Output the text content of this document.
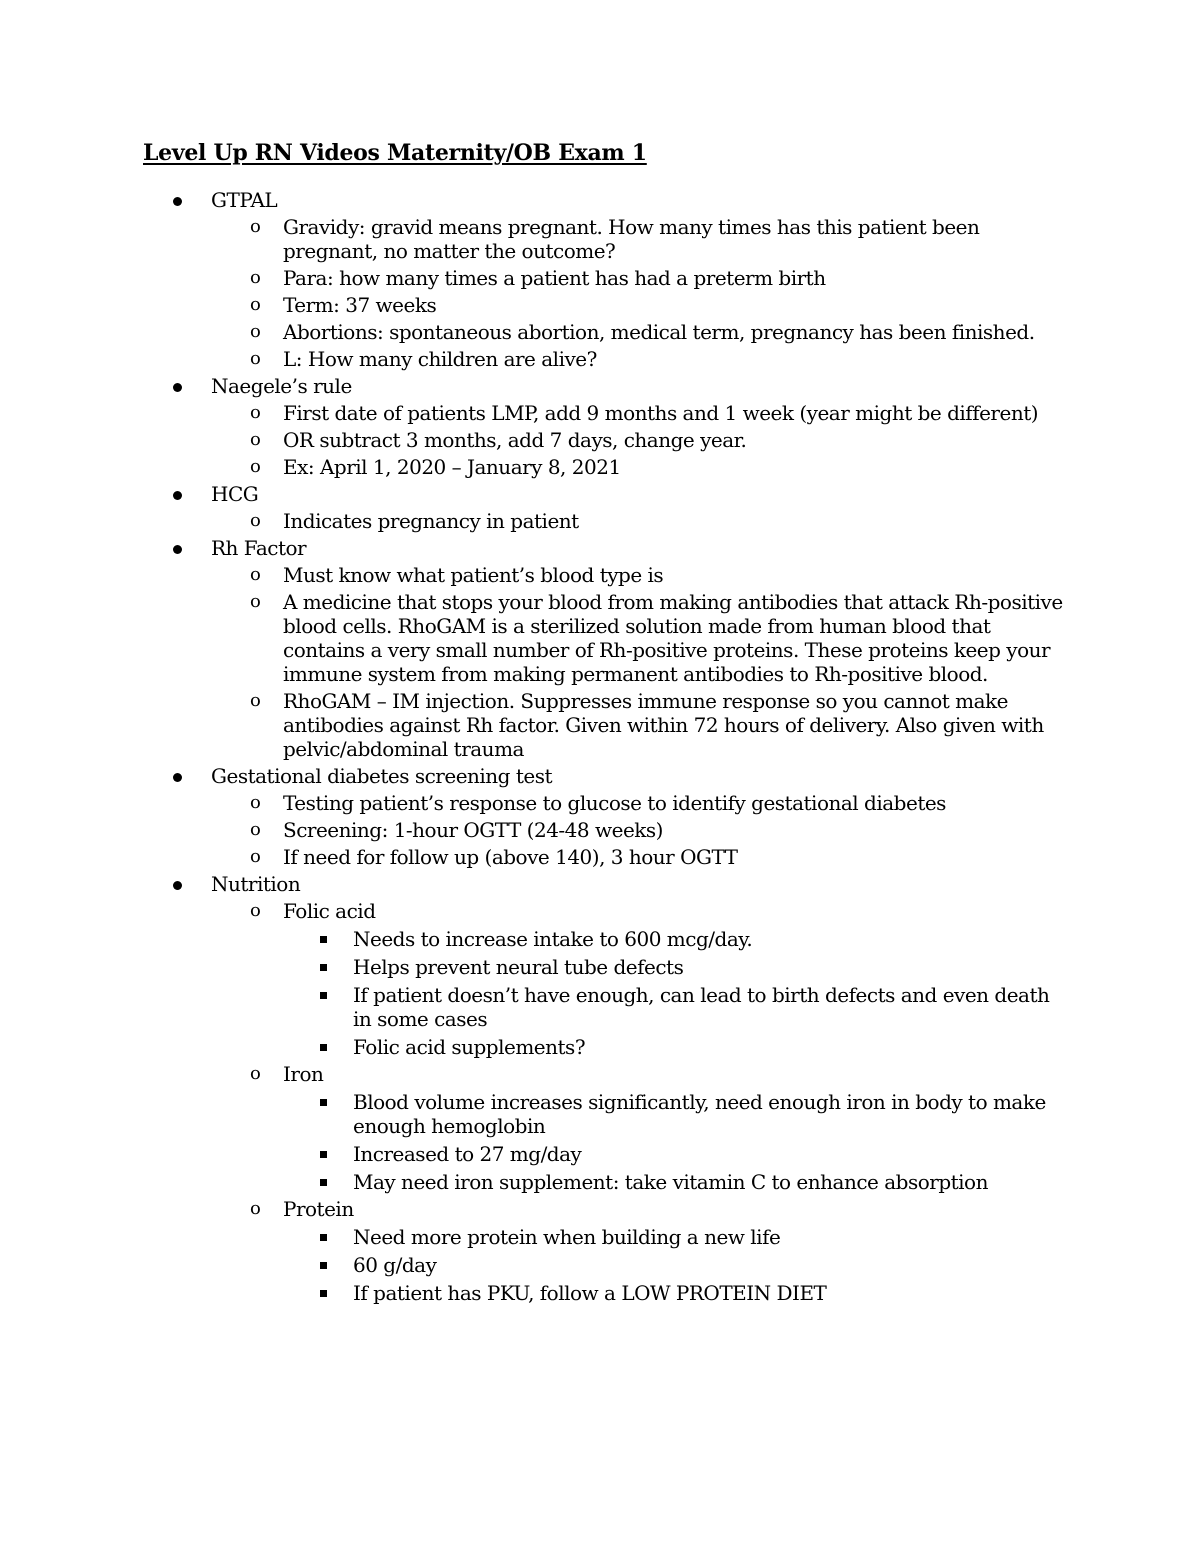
Level Up RN Videos Maternity/OB Exam 1
GTPAL
o Gravidy: gravid means pregnant. How many times has this patient been pregnant, no matter the outcome?
o Para: how many times a patient has had a preterm birth
o Term: 37 weeks
o Abortions: spontaneous abortion, medical term, pregnancy has been finished.
o L: How many children are alive?
Naegele’s rule
o First date of patients LMP, add 9 months and 1 week (year might be different)
o OR subtract 3 months, add 7 days, change year.
o Ex: April 1, 2020 – January 8, 2021
HCG
o Indicates pregnancy in patient
Rh Factor
o Must know what patient’s blood type is
o A medicine that stops your blood from making antibodies that attack Rh-positive blood cells. RhoGAM is a sterilized solution made from human blood that contains a very small number of Rh-positive proteins. These proteins keep your immune system from making permanent antibodies to Rh-positive blood.
o RhoGAM – IM injection. Suppresses immune response so you cannot make antibodies against Rh factor. Given within 72 hours of delivery. Also given with pelvic/abdominal trauma
Gestational diabetes screening test
o Testing patient’s response to glucose to identify gestational diabetes
o Screening: 1-hour OGTT (24-48 weeks)
o If need for follow up (above 140), 3 hour OGTT
Nutrition
o Folic acid
Needs to increase intake to 600 mcg/day.
Helps prevent neural tube defects
If patient doesn’t have enough, can lead to birth defects and even death in some cases
Folic acid supplements?
o Iron
Blood volume increases significantly, need enough iron in body to make enough hemoglobin
Increased to 27 mg/day
May need iron supplement: take vitamin C to enhance absorption
o Protein
Need more protein when building a new life
60 g/day
If patient has PKU, follow a LOW PROTEIN DIET
